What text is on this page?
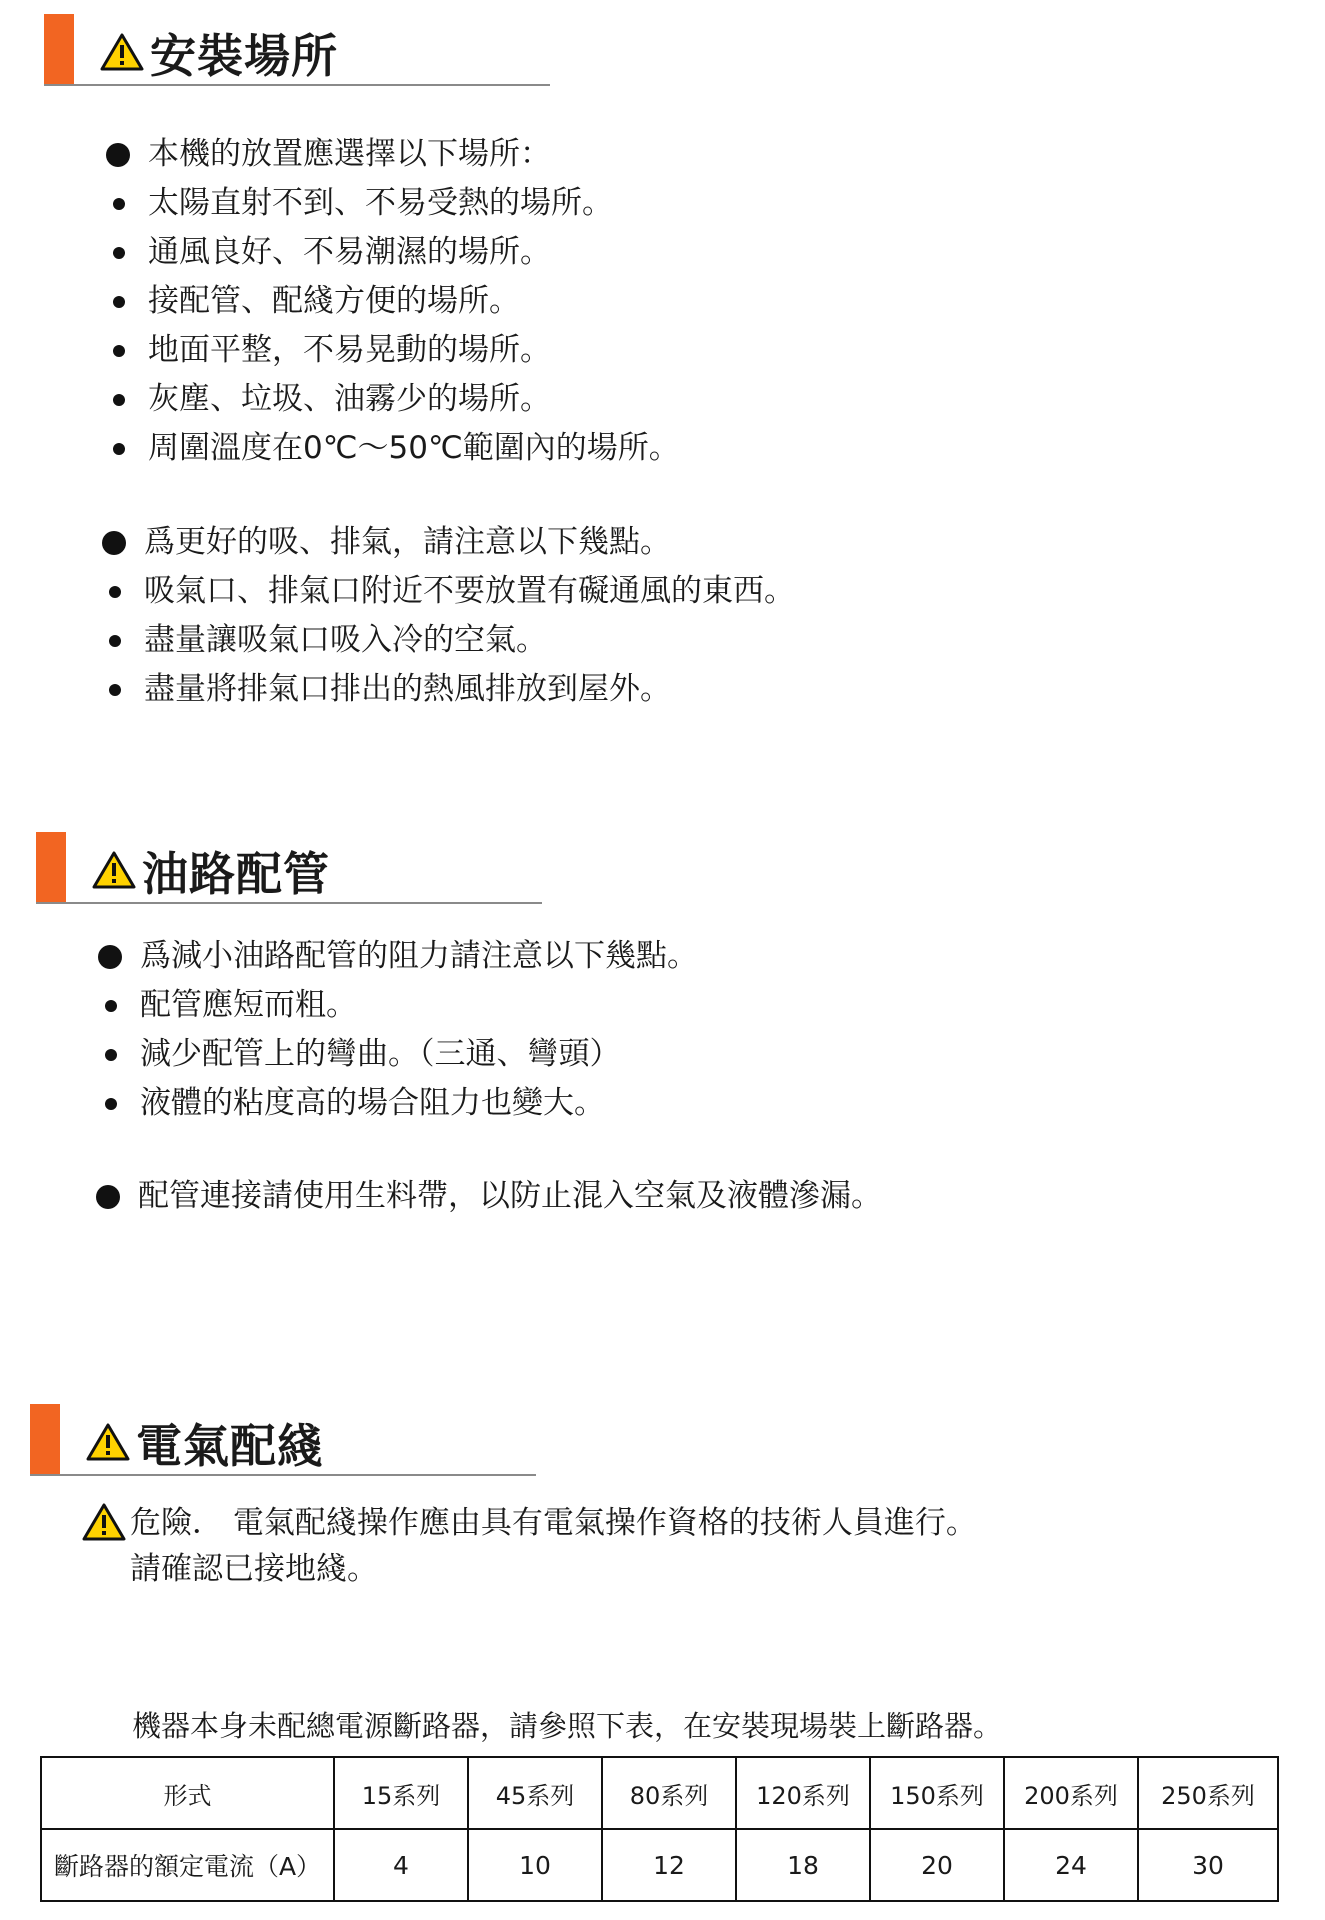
安裝場所
本機的放置應選擇以下場所：
太陽直射不到、不易受熱的場所。
通風良好、不易潮濕的場所。
接配管、配綫方便的場所。
地面平整，不易晃動的場所。
灰塵、垃圾、油霧少的場所。
周圍溫度在0℃～50℃範圍內的場所。
爲更好的吸、排氣，請注意以下幾點。
吸氣口、排氣口附近不要放置有礙通風的東西。
盡量讓吸氣口吸入冷的空氣。
盡量將排氣口排出的熱風排放到屋外。
油路配管
爲減小油路配管的阻力請注意以下幾點。
配管應短而粗。
減少配管上的彎曲。（三通、彎頭）
液體的粘度高的場合阻力也變大。
配管連接請使用生料帶，以防止混入空氣及液體滲漏。
電氣配綫
危險． 電氣配綫操作應由具有電氣操作資格的技術人員進行。
請確認已接地綫。
機器本身未配總電源斷路器，請參照下表，在安裝現場裝上斷路器。
形式	15系列	45系列	80系列	120系列	150系列	200系列	250系列
斷路器的額定電流（A）	4	10	12	18	20	24	30
